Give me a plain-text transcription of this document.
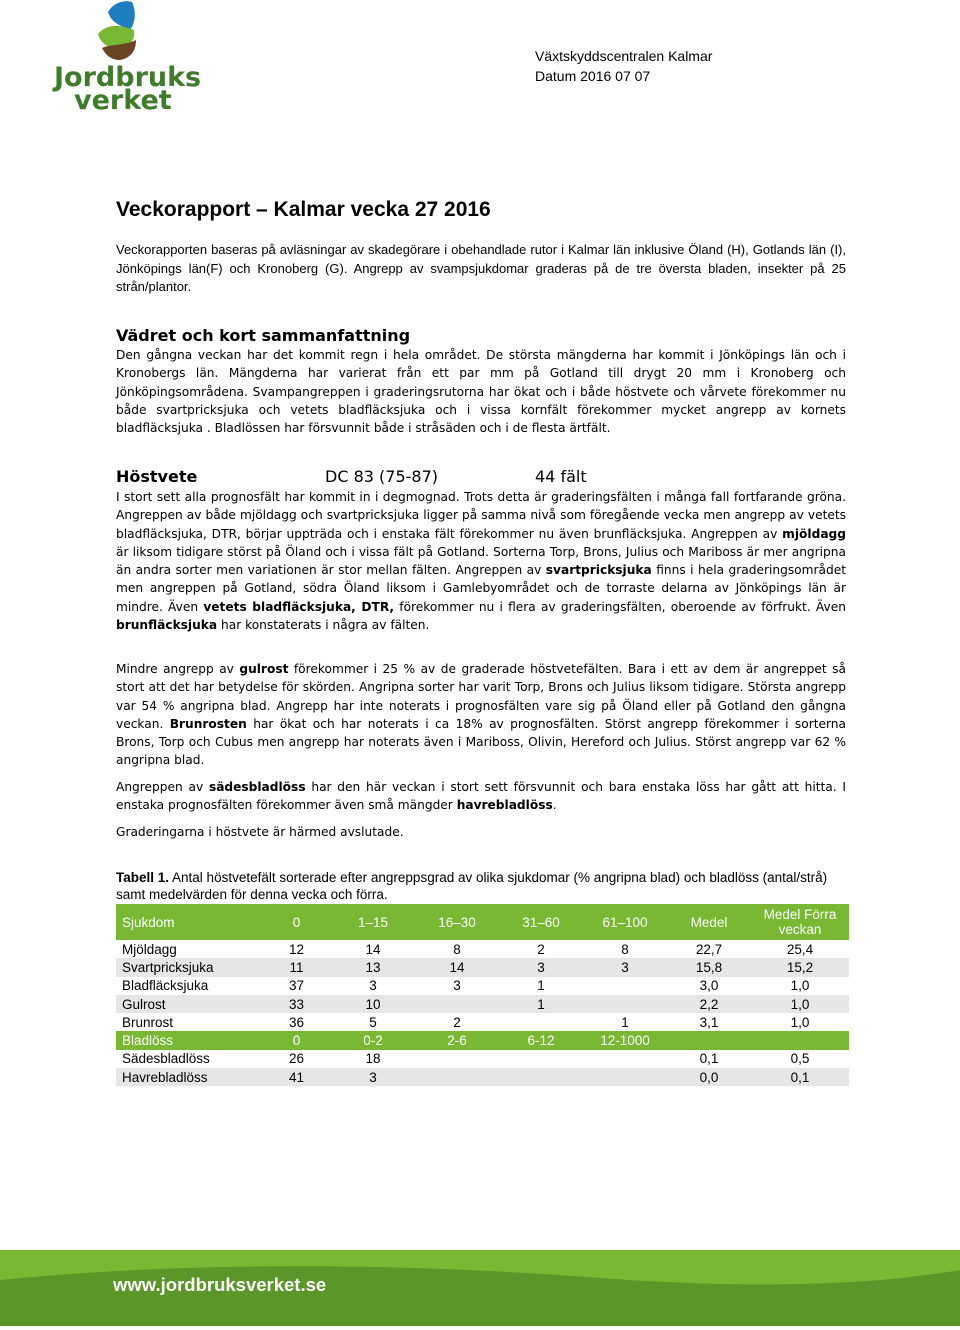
Jordbruks
verket
Växtskyddscentralen Kalmar
Datum 2016 07 07
Veckorapport – Kalmar vecka 27 2016
Veckorapporten baseras på avläsningar av skadegörare i obehandlade rutor i Kalmar län inklusive Öland (H), Gotlands län (I), Jönköpings län(F) och Kronoberg (G). Angrepp av svampsjukdomar graderas på de tre översta bladen, insekter på 25 strån/plantor.
Vädret och kort sammanfattning
Den gångna veckan har det kommit regn i hela området. De största mängderna har kommit i Jönköpings län och i Kronobergs län. Mängderna har varierat från ett par mm på Gotland till drygt 20 mm i Kronoberg och Jönköpingsområdena. Svampangreppen i graderingsrutorna har ökat och i både höstvete och vårvete förekommer nu både svartpricksjuka och vetets bladfläcksjuka och i vissa kornfält förekommer mycket angrepp av kornets bladfläcksjuka . Bladlössen har försvunnit både i stråsäden och i de flesta ärtfält.
Höstvete	DC 83 (75-87)	44 fält

I stort sett alla prognosfält har kommit in i degmognad. Trots detta är graderingsfälten i många fall fortfarande gröna. Angreppen av både mjöldagg och svartpricksjuka ligger på samma nivå som föregående vecka men angrepp av vetets bladfläcksjuka, DTR, börjar uppträda och i enstaka fält förekommer nu även brunfläcksjuka. Angreppen av mjöldagg är liksom tidigare störst på Öland och i vissa fält på Gotland. Sorterna Torp, Brons, Julius och Mariboss är mer angripna än andra sorter men variationen är stor mellan fälten. Angreppen av svartpricksjuka finns i hela graderingsområdet men angreppen på Gotland, södra Öland liksom i Gamlebyområdet och de torraste delarna av Jönköpings län är mindre. Även vetets bladfläcksjuka, DTR, förekommer nu i flera av graderingsfälten, oberoende av förfrukt. Även brunfläcksjuka har konstaterats i några av fälten.

Mindre angrepp av gulrost förekommer i 25 % av de graderade höstvetefälten. Bara i ett av dem är angreppet så stort att det har betydelse för skörden. Angripna sorter har varit Torp, Brons och Julius liksom tidigare. Största angrepp var 54 % angripna blad. Angrepp har inte noterats i prognosfälten vare sig på Öland eller på Gotland den gångna veckan. Brunrosten har ökat och har noterats i ca 18% av prognosfälten. Störst angrepp förekommer i sorterna Brons, Torp och Cubus men angrepp har noterats även i Mariboss, Olivin, Hereford och Julius. Störst angrepp var 62 % angripna blad.

Angreppen av sädesbladlöss har den här veckan i stort sett försvunnit och bara enstaka löss har gått att hitta. I enstaka prognosfälten förekommer även små mängder havrebladlöss.

Graderingarna i höstvete är härmed avslutade.

Tabell 1. Antal höstvetefält sorterade efter angreppsgrad av olika sjukdomar (% angripna blad) och bladlöss (antal/strå) samt medelvärden för denna vecka och förra.
Sjukdom	0	1–15	16–30	31–60	61–100	Medel	Medel Förra veckan
Mjöldagg	12	14	8	2	8	22,7	25,4
Svartpricksjuka	11	13	14	3	3	15,8	15,2
Bladfläcksjuka	37	3	3	1		3,0	1,0
Gulrost	33	10		1		2,2	1,0
Brunrost	36	5	2		1	3,1	1,0
Bladlöss	0	0-2	2-6	6-12	12-1000		
Sädesbladlöss	26	18				0,1	0,5
Havrebladlöss	41	3				0,0	0,1
www.jordbruksverket.se
